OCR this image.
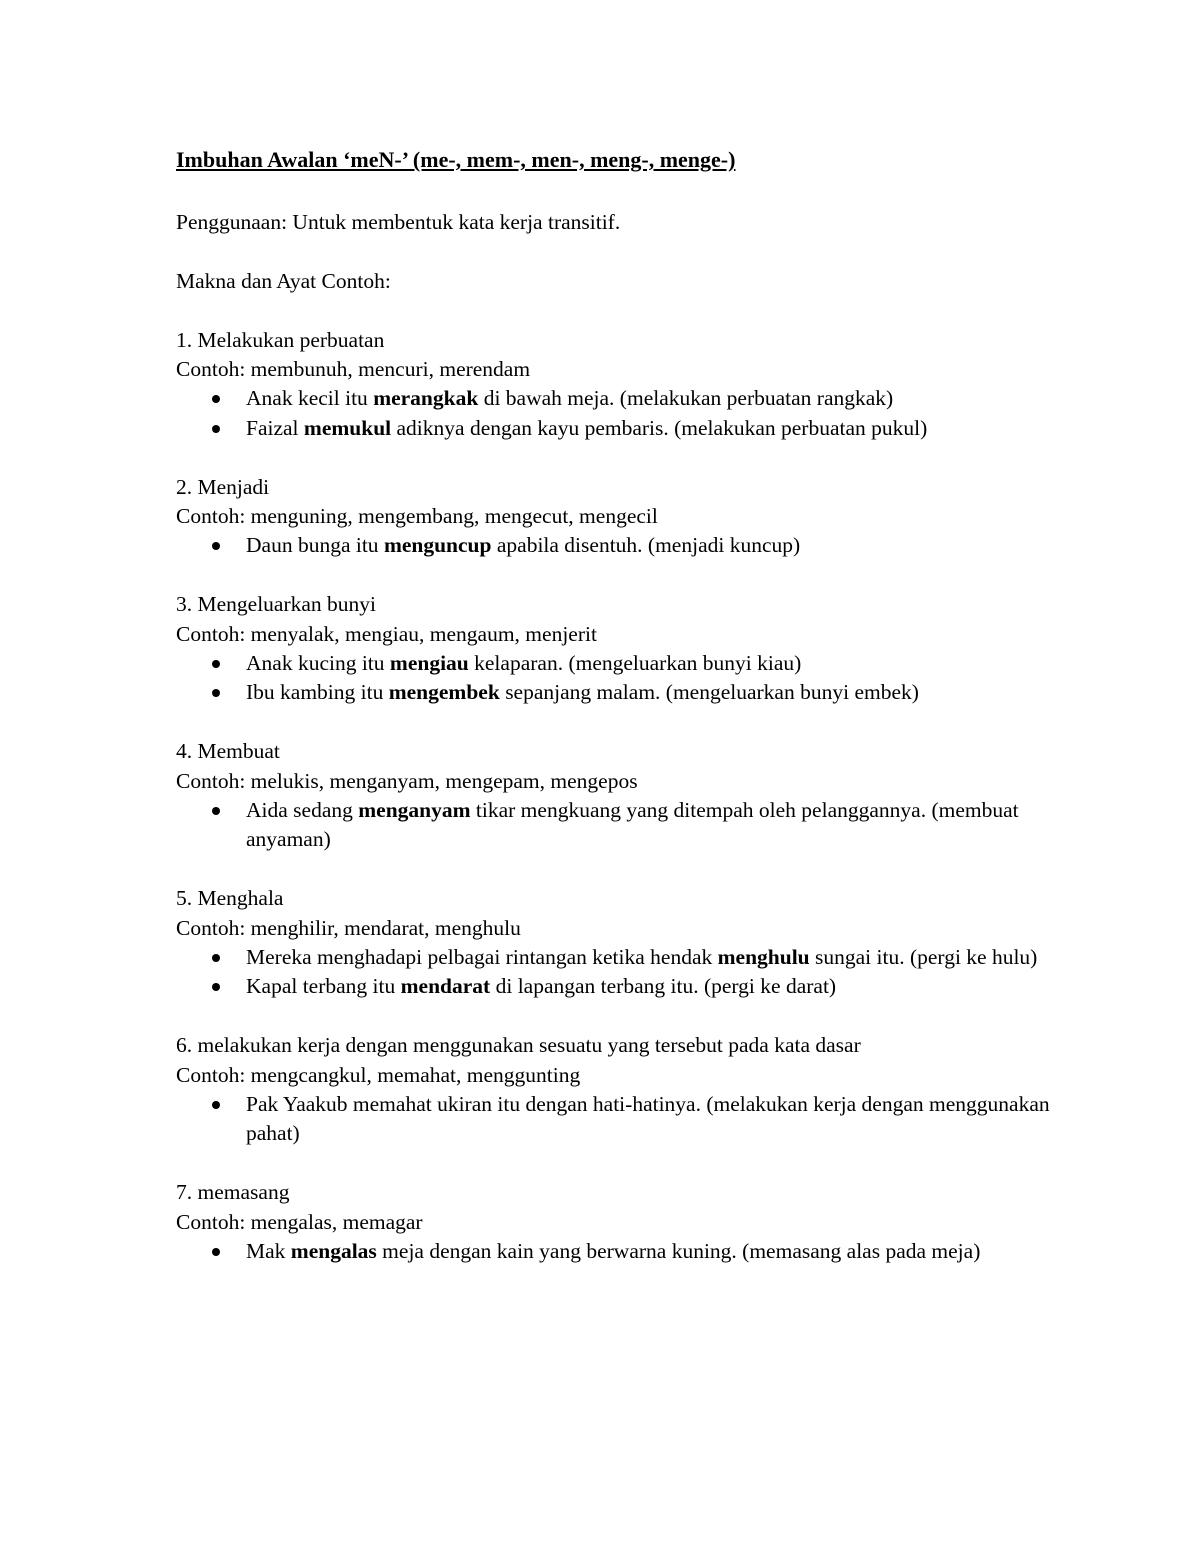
Imbuhan Awalan ‘meN-’ (me-, mem-, men-, meng-, menge-)

Penggunaan: Untuk membentuk kata kerja transitif.

Makna dan Ayat Contoh:

1. Melakukan perbuatan

Contoh: membunuh, mencuri, merendam

Anak kecil itu merangkak di bawah meja. (melakukan perbuatan rangkak)
Faizal memukul adiknya dengan kayu pembaris. (melakukan perbuatan pukul)

2. Menjadi

Contoh: menguning, mengembang, mengecut, mengecil

Daun bunga itu menguncup apabila disentuh. (menjadi kuncup)

3. Mengeluarkan bunyi

Contoh: menyalak, mengiau, mengaum, menjerit

Anak kucing itu mengiau kelaparan. (mengeluarkan bunyi kiau)
Ibu kambing itu mengembek sepanjang malam. (mengeluarkan bunyi embek)

4. Membuat

Contoh: melukis, menganyam, mengepam, mengepos

Aida sedang menganyam tikar mengkuang yang ditempah oleh pelanggannya. (membuat anyaman)

5. Menghala

Contoh: menghilir, mendarat, menghulu

Mereka menghadapi pelbagai rintangan ketika hendak menghulu sungai itu. (pergi ke hulu)
Kapal terbang itu mendarat di lapangan terbang itu. (pergi ke darat)

6. melakukan kerja dengan menggunakan sesuatu yang tersebut pada kata dasar

Contoh: mengcangkul, memahat, menggunting

Pak Yaakub memahat ukiran itu dengan hati-hatinya. (melakukan kerja dengan menggunakan pahat)

7. memasang

Contoh: mengalas, memagar

Mak mengalas meja dengan kain yang berwarna kuning. (memasang alas pada meja)
